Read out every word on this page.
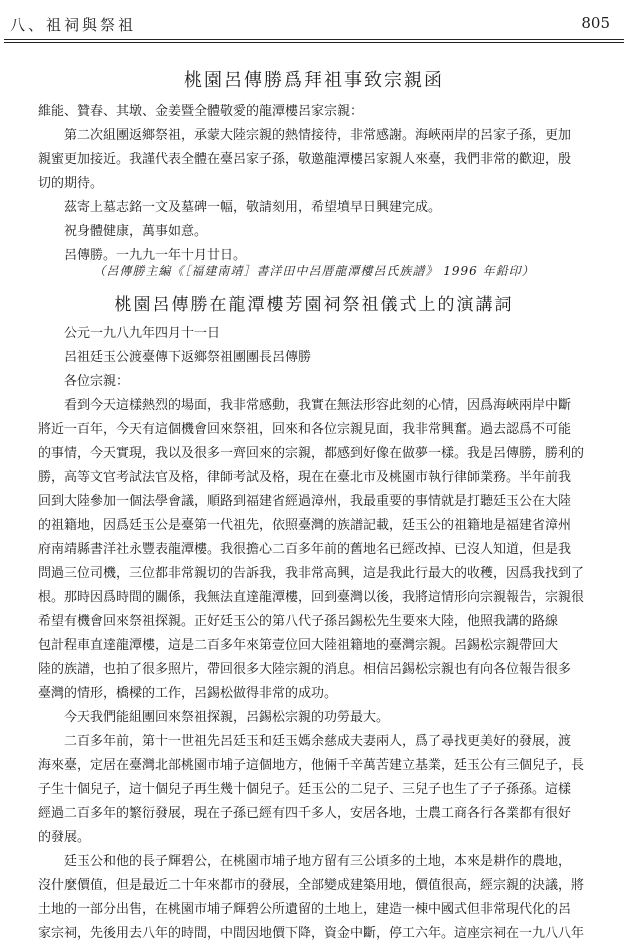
八、祖祠與祭祖	805
桃園呂傳勝爲拜祖事致宗親函
維能、贊春、其墩、金姜暨全體敬愛的龍潭樓呂家宗親：
第二次組團返鄉祭祖，承蒙大陸宗親的熱情接待，非常感謝。海峽兩岸的呂家子孫，更加
親蜜更加接近。我謹代表全體在臺呂家子孫，敬邀龍潭樓呂家親人來臺，我們非常的歡迎，殷
切的期待。
茲寄上墓志銘一文及墓碑一幅，敬請刻用，希望墳早日興建完成。
祝身體健康，萬事如意。
呂傳勝。一九九一年十月廿日。
（呂傳勝主編《［福建南靖］書洋田中呂厝龍潭樓呂氏族譜》 1996 年鉛印）
桃園呂傳勝在龍潭樓芳園祠祭祖儀式上的演講詞
公元一九八九年四月十一日
呂祖廷玉公渡臺傳下返鄉祭祖團團長呂傳勝
各位宗親：
看到今天這樣熱烈的場面，我非常感動，我實在無法形容此刻的心情，因爲海峽兩岸中斷
將近一百年，今天有這個機會回來祭祖，回來和各位宗親見面，我非常興奮。過去認爲不可能
的事情，今天實現，我以及很多一齊回來的宗親，都感到好像在做夢一樣。我是呂傳勝，勝利的
勝，高等文官考試法官及格，律師考試及格，現在在臺北市及桃園市執行律師業務。半年前我
回到大陸參加一個法學會議，順路到福建省經過漳州，我最重要的事情就是打聽廷玉公在大陸
的祖籍地，因爲廷玉公是臺第一代祖先，依照臺灣的族譜記載，廷玉公的祖籍地是福建省漳州
府南靖縣書洋社永豐表龍潭樓。我很擔心二百多年前的舊地名已經改掉、已沒人知道，但是我
問過三位司機，三位都非常親切的告訴我，我非常高興，這是我此行最大的收穫，因爲我找到了
根。那時因爲時間的關係，我無法直達龍潭樓，回到臺灣以後，我將這情形向宗親報告，宗親很
希望有機會回來祭祖探親。正好廷玉公的第八代子孫呂錫松先生要來大陸，他照我講的路線
包計程車直達龍潭樓，這是二百多年來第壹位回大陸祖籍地的臺灣宗親。呂錫松宗親帶回大
陸的族譜，也拍了很多照片，帶回很多大陸宗親的消息。相信呂錫松宗親也有向各位報告很多
臺灣的情形，橋樑的工作，呂錫松做得非常的成功。
今天我們能組團回來祭祖探親，呂錫松宗親的功勞最大。
二百多年前，第十一世祖先呂廷玉和廷玉媽余慈成夫妻兩人，爲了尋找更美好的發展，渡
海來臺，定居在臺灣北部桃園市埔子這個地方，他倆千辛萬苦建立基業，廷玉公有三個兒子，長
子生十個兒子，這十個兒子再生幾十個兒子。廷玉公的二兒子、三兒子也生了子子孫孫。這樣
經過二百多年的繁衍發展，現在子孫已經有四千多人，安居各地，士農工商各行各業都有很好
的發展。
廷玉公和他的長子輝碧公，在桃園市埔子地方留有三公頃多的土地，本來是耕作的農地，
沒什麼價值，但是最近二十年來都市的發展，全部變成建築用地，價值很高，經宗親的決議，將
土地的一部分出售，在桃園市埔子輝碧公所遺留的土地上，建造一棟中國式但非常現代化的呂
家宗祠，先後用去八年的時間，中間因地價下降，資金中斷，停工六年。這座宗祠在一九八八年
